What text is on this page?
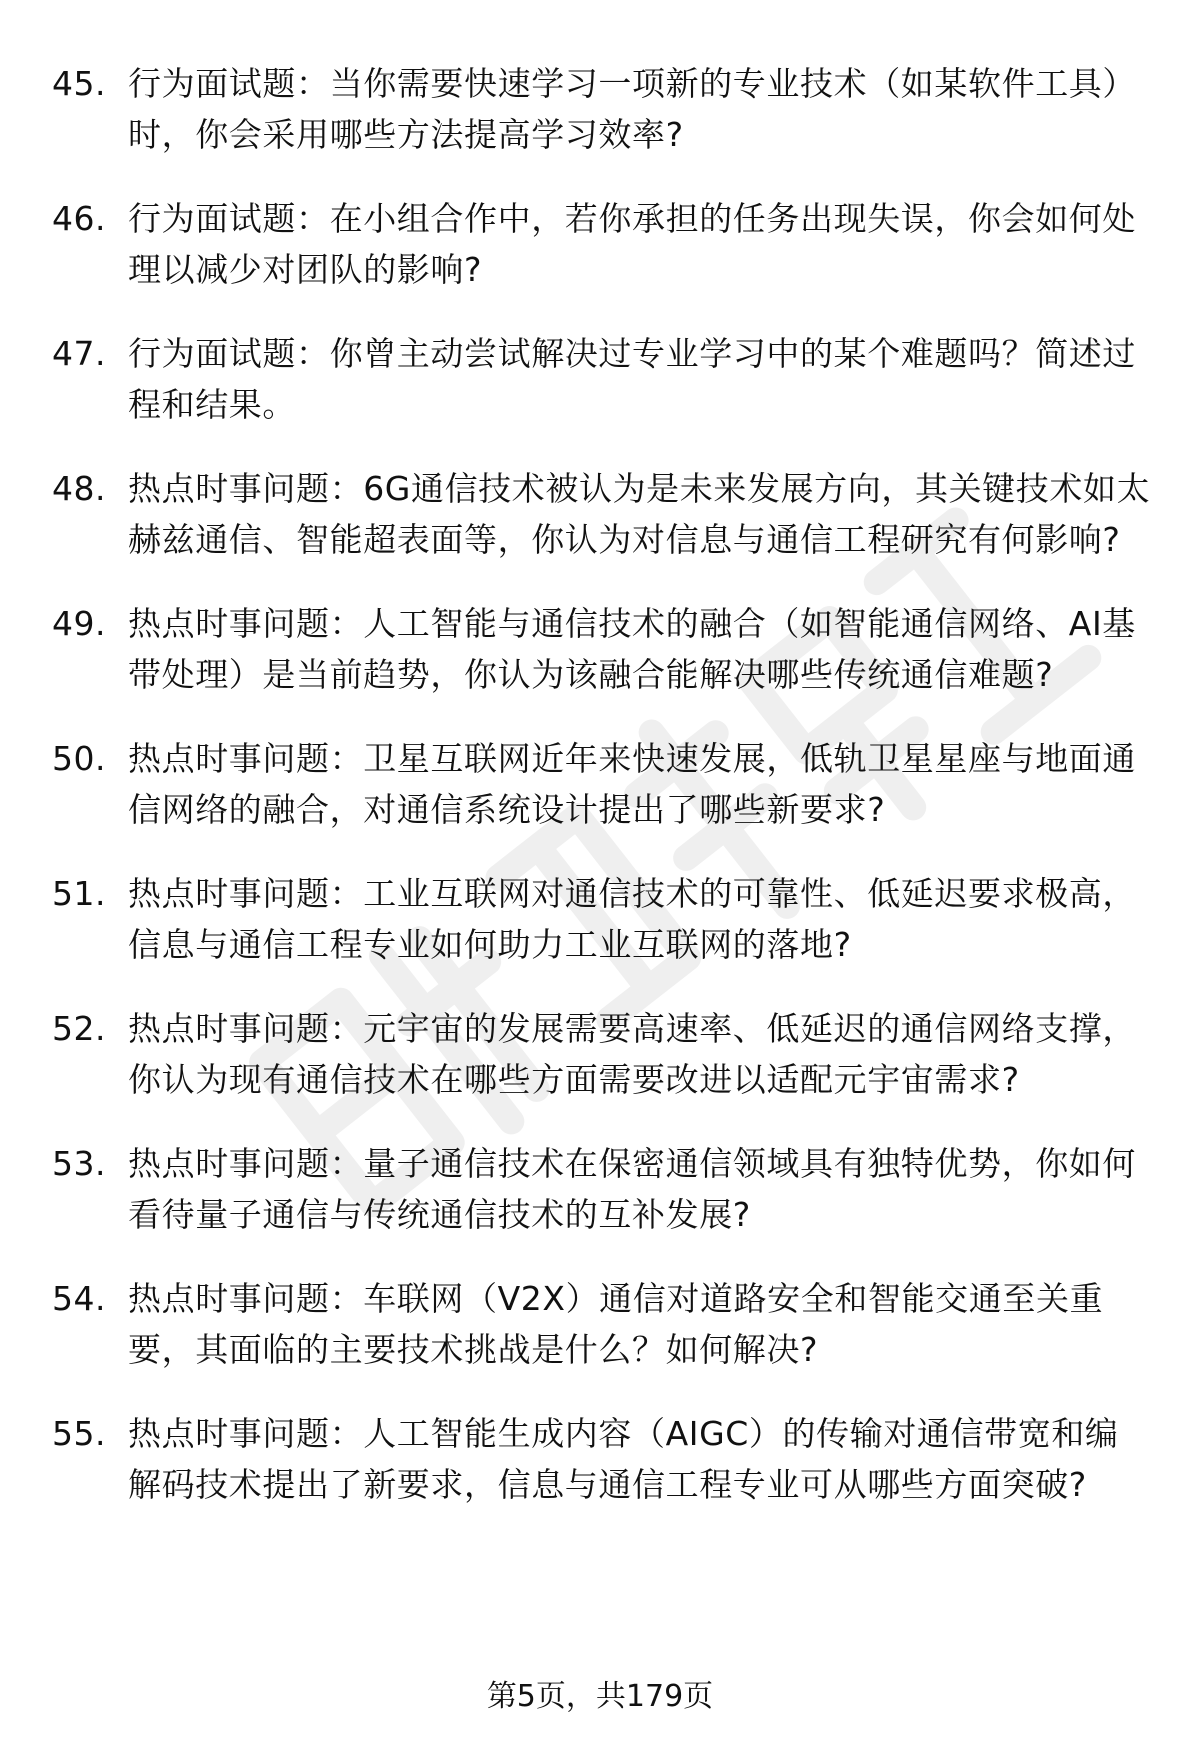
45. 行为面试题：当你需要快速学习一项新的专业技术（如某软件工具）时，你会采用哪些方法提高学习效率?
46. 行为面试题：在小组合作中，若你承担的任务出现失误，你会如何处理以减少对团队的影响?
47. 行为面试题：你曾主动尝试解决过专业学习中的某个难题吗？简述过程和结果。
48. 热点时事问题：6G通信技术被认为是未来发展方向，其关键技术如太赫兹通信、智能超表面等，你认为对信息与通信工程研究有何影响?
49. 热点时事问题：人工智能与通信技术的融合（如智能通信网络、AI基带处理）是当前趋势，你认为该融合能解决哪些传统通信难题?
50. 热点时事问题：卫星互联网近年来快速发展，低轨卫星星座与地面通信网络的融合，对通信系统设计提出了哪些新要求?
51. 热点时事问题：工业互联网对通信技术的可靠性、低延迟要求极高，信息与通信工程专业如何助力工业互联网的落地?
52. 热点时事问题：元宇宙的发展需要高速率、低延迟的通信网络支撑，你认为现有通信技术在哪些方面需要改进以适配元宇宙需求?
53. 热点时事问题：量子通信技术在保密通信领域具有独特优势，你如何看待量子通信与传统通信技术的互补发展?
54. 热点时事问题：车联网（V2X）通信对道路安全和智能交通至关重要，其面临的主要技术挑战是什么？如何解决?
55. 热点时事问题：人工智能生成内容（AIGC）的传输对通信带宽和编解码技术提出了新要求，信息与通信工程专业可从哪些方面突破?
第5页，共179页
